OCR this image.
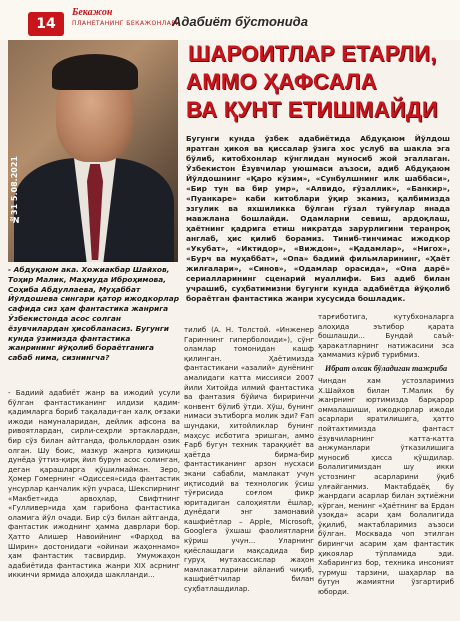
14
Бекажон
ПЛАНЕТАНИНГ БЕКАЖОНЛАРИ
Адабиёт бўстонида
№31 5.08.2021
ШАРОИТЛАР ЕТАРЛИ,
АММО ҲАФСАЛА
ВА ҚУНТ ЕТИШМАЙДИ
Бугунги кунда ўзбек адабиётида Абдуқаюм Йўлдош яратган ҳикоя ва қиссалар ўзига хос услуб ва шакла эга бўлиб, китобхонлар кўнглидан муносиб жой эгаллаган. Ўзбекистон Ёзувчилар уюшмаси аъзоси, адиб Абдуқаюм Йўлдошнинг «Қаро кўзим», «Сунбулшнинг илк шаббаси», «Бир тун ва бир умр», «Алвидо, ғўзаллик», «Банкир», «Пуанкаре» каби китоблари ўқир экамиз, қалбимизда эзгулик ва яхшиликка бўлган гўзал туйғулар янада мавжлана бошлайди. Одамларни севиш, ардоқлаш, ҳаётнинг қадрига етиш никратда зарурлигини теранроқ англаб, ҳис қилиб борамиз. Тиниб-тинчимас ижодкор «Укубат», «Иктидор», «Виждон», «Қадамлар», «Нигох», «Бурч ва муҳаббат», «Опа» бадиий фильмларининг, «Ҳаёт жилғалари», «Синов», «Одамлар орасида», «Она дарё» сериалларининг сценарий муаллифи. Биз адиб билан учрашиб, суҳбатимизни бугунги кунда адабиётда йўқолиб бораётган фантастика жанри хусусида бошладик.
- Абдуқаюм ака. Хожиакбар Шайхов, Тоҳир Малик, Маҳмуда Иброҳимова, Соҳиба Абдуллаева, Муҳаббат Йўлдошева сингари қатор ижодкорлар сафида сиз ҳам фантастика жанрига Ўзбекистонда асос солган ёзувчилардан ҳисобланасиз. Бугунги кунда ўзимизда фантастика жанрининг йўқолиб бораётганига сабаб нима, сизнингча?
- Бадиий адабиёт жанр ва ижодий усули бўлган фантастиканинг илдизи қадим-қадимларга бориб тақалади-ган халқ оғзаки ижоди намуналаридан, дейлик афсона ва ривоятлардан, сирли-сеҳрли эртаклардан, бир сўз билан айтганда, фольклордан озик олган. Шу боис, мазкур жанрга қизиқиш дунёда ўттиз-қирқ йил бурун асос солинган, деган қарашларга қўшилмайман. Зеро, Ҳомер Гомернинг «Одиссея»сида фантастик унсурлар қанчалик кўп учраса, Шекспирнинг «Макбет»ида арвоҳлар, Свифтнинг «Гулливер»ида ҳам гарибона фантастика оламига йўл очади. Бир сўз билан айтганда, фантастик ижоднинг ҳамма даврлари бор. Ҳатто Алишер Навоийнинг «Фарҳод ва Ширин» достонидаги «ойинаи жаҳоннамо» ҳам фантастик тасвирдир. Умумжаҳон адабиётида фантастика жанри XIX асрнинг иккинчи ярмида алоҳида шаклланди...
тилиб (А. Н. Толстой. «Инженер Гариннинг гиперболоиди»), сўнг оламлар томонидан кашф қилинган. Ҳаётимизда фантастикани «азалий» дунёнинг амалидаги катта миссияси 2007 йили Хитойда илмий фантастика ва фантазия бўйича бириринчи конвент бўлиб ўтди. Хўш, бунинг нимаси эътиборга молик эди? Ғап шундаки, хитойликлар бунинг маҳсус исботига эришган, аммо Ғарб бугун техник тараққиёт ва ҳаётда бирма-бир фантастиканинг арзон нусхаси экани сабабли, мамлакат учун иқтисодий ва технологик ўсиш тўғрисида соғлом фикр юритадиган салоҳиятли ёшлар, дунёдаги энг замонавий кашфиётлар – Apple, Microsoft, Googleга ўхшаш фаолиятларни кўриш учун... Уларнинг қиёслашдаги мақсадида бир гуруҳ мутахассислар жаҳон мамлакатларини айланиб чиқиб, кашфиётчилар билан суҳбатлашдилар.
тарғиботига, кутубхоналарга алоҳида эътибор қарата бошлашди... Бундай саъй-ҳаракатларнинг натижасини эса ҳаммамиз кўриб турибмиз.
Ибрат олсак бўладиган тажриба
Чиндан хам устозларимиз Х.Шайхов билан Т.Малик бу жанрнинг юртимизда барқарор оммалашиши, ижодкорлар ижоди асарлари яратилишига, ҳатто пойтахтимизда фантаст ёзувчиларнинг катта-катта анжуманлари ўтказилишига муносиб ҳисса қўшдилар. Болалигимиздан шу икки устознинг асарларини ўқиб улғайганмиз. Мактабдаёқ бу жанрдаги асарлар билан эҳтиёжни кўрган, менинг «Ҳаётнинг ва Ердан узоқда» асари ҳам болалигида ўқилиб, мактабларимиз аъзоси бўлган. Москвада чоп этилган бирингчи асарим ҳам фантастик ҳикоялар тўпламида эди. Хабарингиз бор, техника инсоният турмуш тарзини, шаҳарлар ва бутун жамиятни ўзгартириб юборди.
